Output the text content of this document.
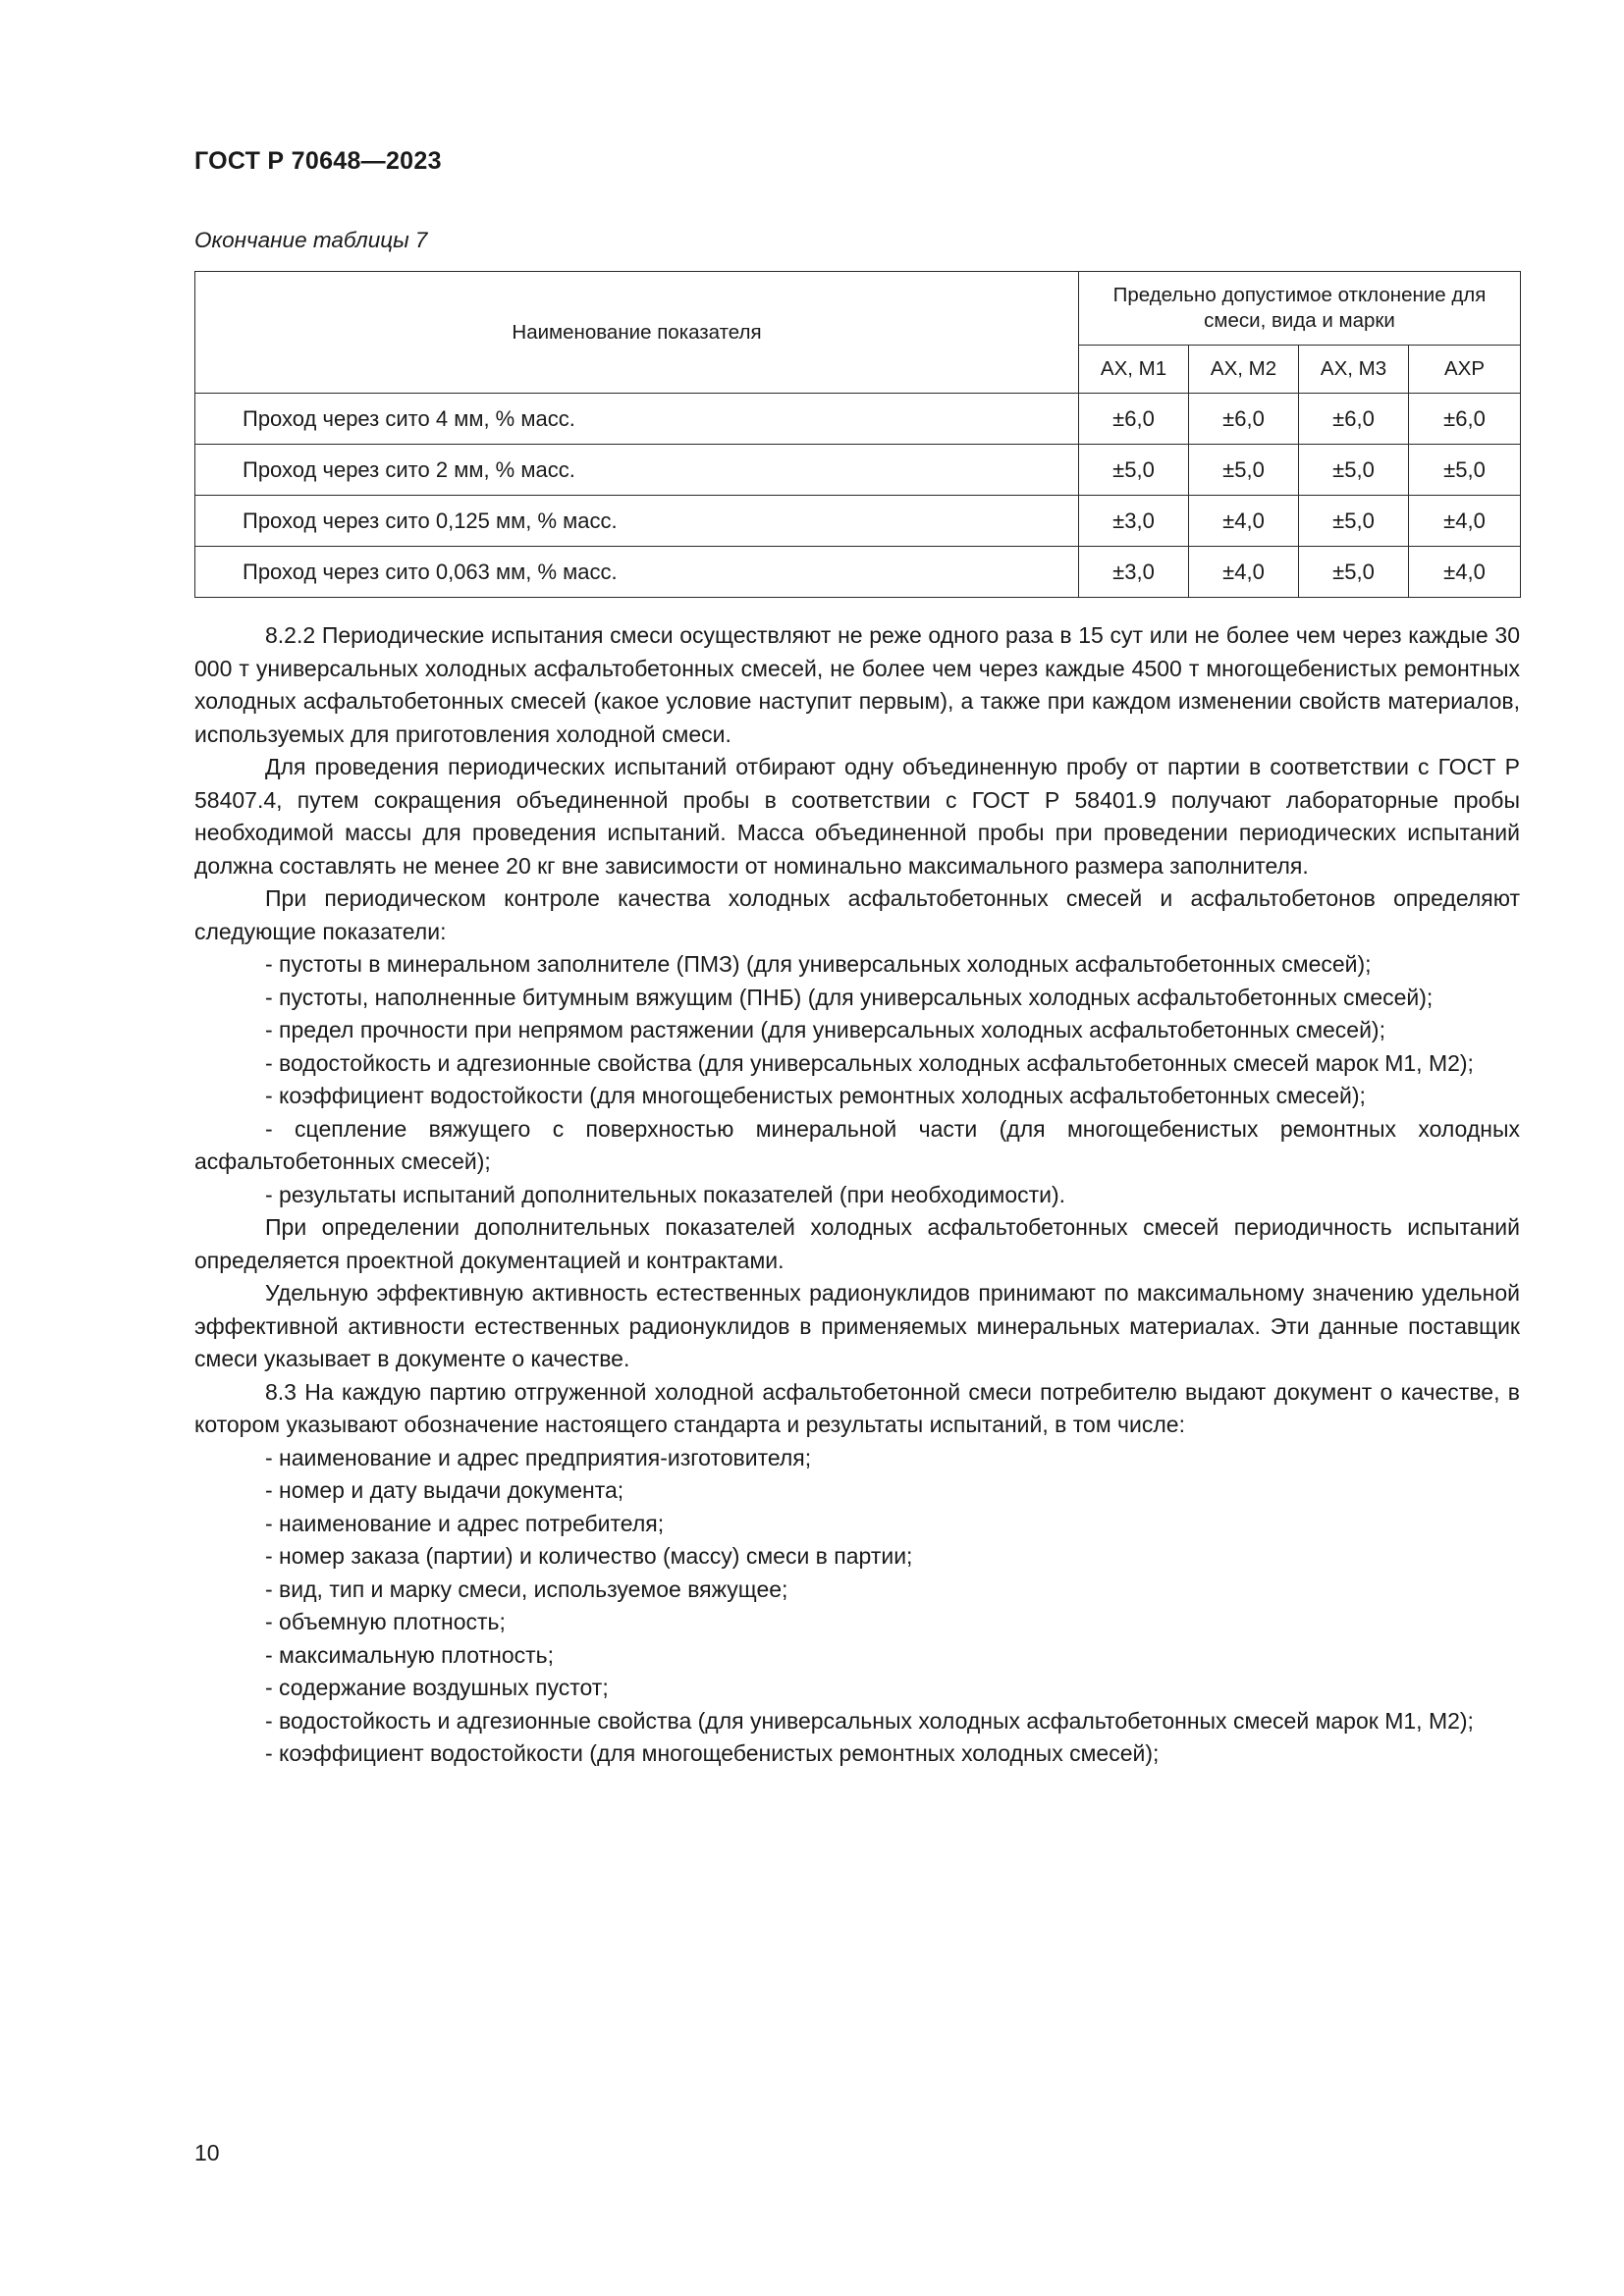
ГОСТ Р 70648—2023
Окончание таблицы 7
Наименование показателя	Предельно допустимое отклонение для смеси, вида и марки			
	АХ, М1	АХ, М2	АХ, М3	АХР
Проход через сито 4 мм, % масс.	±6,0	±6,0	±6,0	±6,0
Проход через сито 2 мм, % масс.	±5,0	±5,0	±5,0	±5,0
Проход через сито 0,125 мм, % масс.	±3,0	±4,0	±5,0	±4,0
Проход через сито 0,063 мм, % масс.	±3,0	±4,0	±5,0	±4,0

8.2.2 Периодические испытания смеси осуществляют не реже одного раза в 15 сут или не более чем через каждые 30 000 т универсальных холодных асфальтобетонных смесей, не более чем через каждые 4500 т многощебенистых ремонтных холодных асфальтобетонных смесей (какое условие наступит первым), а также при каждом изменении свойств материалов, используемых для приготовления холодной смеси.

Для проведения периодических испытаний отбирают одну объединенную пробу от партии в соответствии с ГОСТ Р 58407.4, путем сокращения объединенной пробы в соответствии с ГОСТ Р 58401.9 получают лабораторные пробы необходимой массы для проведения испытаний. Масса объединенной пробы при проведении периодических испытаний должна составлять не менее 20 кг вне зависимости от номинально максимального размера заполнителя.

При периодическом контроле качества холодных асфальтобетонных смесей и асфальтобетонов определяют следующие показатели:

- пустоты в минеральном заполнителе (ПМЗ) (для универсальных холодных асфальтобетонных смесей);

- пустоты, наполненные битумным вяжущим (ПНБ) (для универсальных холодных асфальтобетонных смесей);

- предел прочности при непрямом растяжении (для универсальных холодных асфальтобетонных смесей);

- водостойкость и адгезионные свойства (для универсальных холодных асфальтобетонных смесей марок М1, М2);

- коэффициент водостойкости (для многощебенистых ремонтных холодных асфальтобетонных смесей);

- сцепление вяжущего с поверхностью минеральной части (для многощебенистых ремонтных холодных асфальтобетонных смесей);

- результаты испытаний дополнительных показателей (при необходимости).

При определении дополнительных показателей холодных асфальтобетонных смесей периодичность испытаний определяется проектной документацией и контрактами.

Удельную эффективную активность естественных радионуклидов принимают по максимальному значению удельной эффективной активности естественных радионуклидов в применяемых минеральных материалах. Эти данные поставщик смеси указывает в документе о качестве.

8.3 На каждую партию отгруженной холодной асфальтобетонной смеси потребителю выдают документ о качестве, в котором указывают обозначение настоящего стандарта и результаты испытаний, в том числе:

- наименование и адрес предприятия-изготовителя;

- номер и дату выдачи документа;

- наименование и адрес потребителя;

- номер заказа (партии) и количество (массу) смеси в партии;

- вид, тип и марку смеси, используемое вяжущее;

- объемную плотность;

- максимальную плотность;

- содержание воздушных пустот;

- водостойкость и адгезионные свойства (для универсальных холодных асфальтобетонных смесей марок М1, М2);

- коэффициент водостойкости (для многощебенистых ремонтных холодных смесей);

10
